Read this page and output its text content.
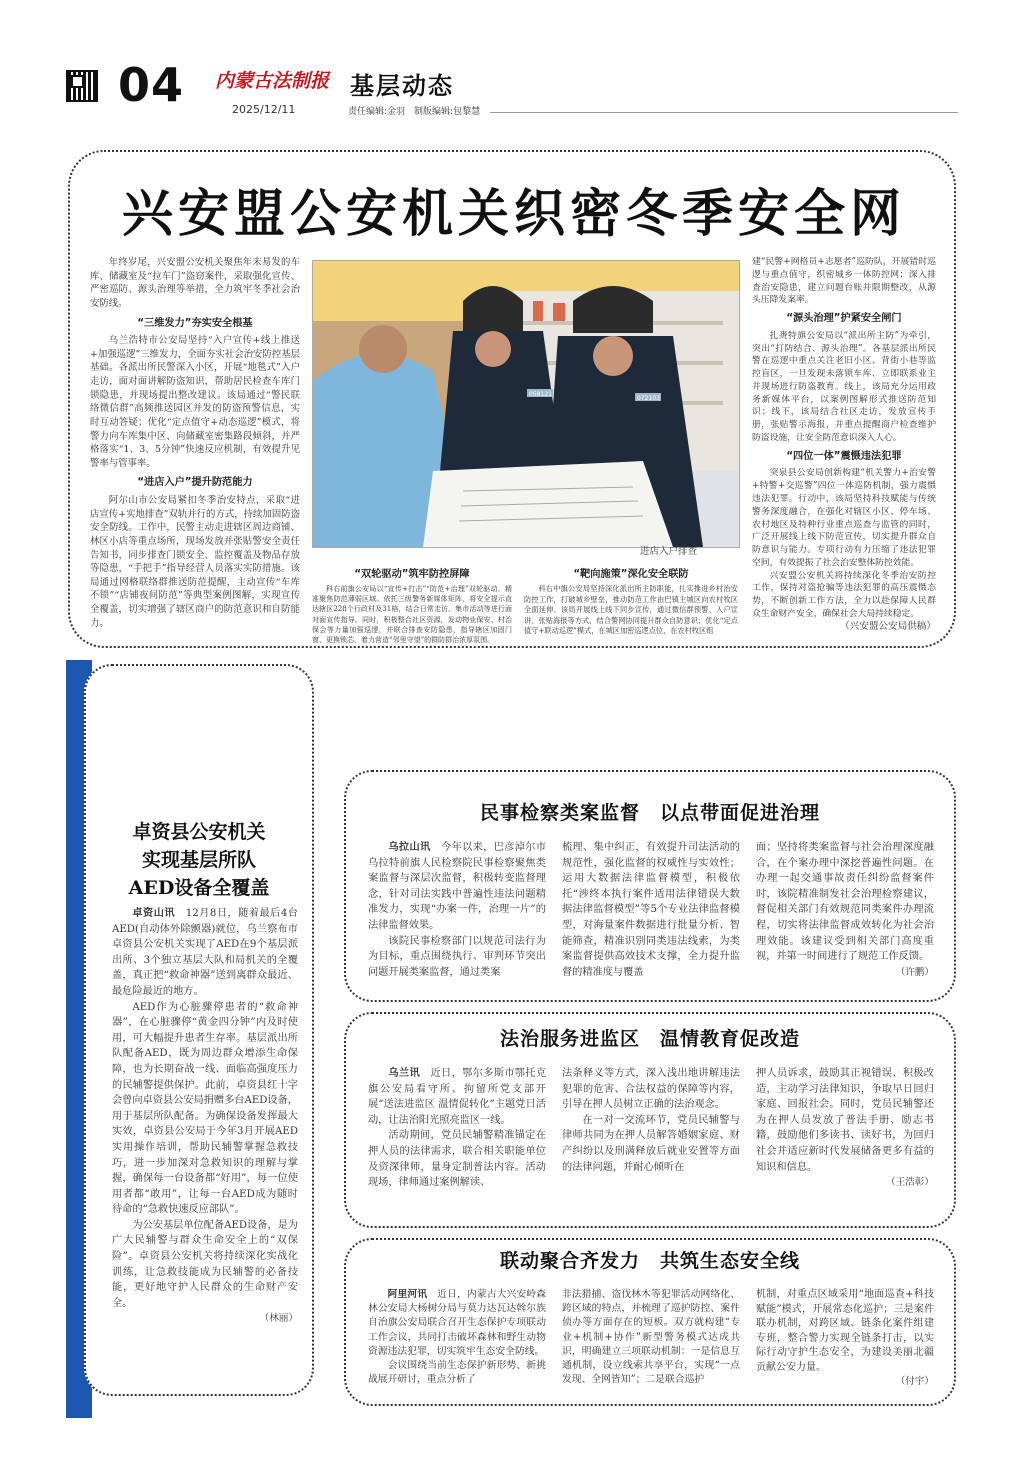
04 内蒙古法制报
2025/12/11
基层动态
责任编辑:金羽　制版编辑:包黎慧
兴安盟公安机关织密冬季安全网

年终岁尾，兴安盟公安机关聚焦年末易发的车库、储藏室及“拉车门”盗窃案件，采取强化宣传、严密巡防、源头治理等举措，全力筑牢冬季社会治安防线。

“三维发力”夯实安全根基

乌兰浩特市公安局坚持“入户宣传+线上推送+加强巡逻”三维发力，全面夯实社会治安防控基层基础。各派出所民警深入小区，开展“地毯式”入户走访，面对面讲解防盗知识，帮助居民检查车库门锁隐患，并现场提出整改建议。该局通过“警民联络微信群”高频推送园区并发的防盗预警信息，实时互动答疑；优化“定点值守+动态巡逻”模式，将警力向车库集中区、向储藏室密集路段倾斜，并严格落实“1、3、5分钟”快速反应机制，有效提升见警率与管事率。

“进店入户”提升防范能力

阿尔山市公安局紧扣冬季治安特点，采取“进店宣传+实地排查”双轨并行的方式，持续加固防盗安全防线。工作中，民警主动走进辖区周边商铺、林区小店等重点场所，现场发放并张贴警安全责任告知书，同步排查门锁安全、监控覆盖及物品存放等隐患，“手把手”指导经营人员落实实防措施。该局通过网格联络群推送防范提醒，主动宣传“车库不锁”“店铺夜间防范”等典型案例图解，实现宣传全覆盖，切实增强了辖区商户的防范意识和自防能力。

058121
072103
进店入户排查
“双轮驱动”筑牢防控屏障

科右前旗公安局以“宣传+打击”“防范+治理”双轮驱动，精准聚焦防范薄弱区域。依托三级警务新媒体矩阵，将安全提示直达辖区228个行政村及31格，结合日常走访、集市活动等进行面对面宣传指导。同时，积极整合社区资源，发动物业保安、村治保会等力量加强巡逻，并联合排查安防隐患，指导辖区加固门窗、更换锁芯，着力营造“邻里守望”的群防群治浓厚氛围。

“靶向施策”深化安全联防

科右中旗公安局坚持深化派出所主防职能，扎实推进乡村治安防控工作，打破城乡壁垒，推动防范工作由巴镇主城区向农村牧区全面延伸。该局开展线上线下同步宣传，通过微信群预警、入户宣讲、张贴海报等方式，结合警网协同提升群众自防意识；优化“定点值守+联动巡逻”模式，在城区加密巡逻点位，在农村牧区组

建“民警+网格员+志愿者”巡防队，开展错时巡逻与重点值守，织密城乡一体防控网；深入排查治安隐患，建立问题台账并限期整改，从源头压降发案率。

“源头治理”护紧安全闸门

扎赉特旗公安局以“派出所主防”为牵引，突出“打防结合、源头治理”。各基层派出所民警在巡逻中重点关注老旧小区、背街小巷等监控盲区，一旦发现未落锁车库、立即联系业主并现场进行防盗教育。线上，该局充分运用政务新媒体平台，以案例图解形式推送防范知识；线下，该局结合社区走访，发放宣传手册，张贴警示海报，并重点提醒商户检查维护防盗设施，让安全防范意识深入人心。

“四位一体”震慑违法犯罪

突泉县公安局创新构建“机关警力+治安警+特警+交巡警”四位一体巡防机制，强力震慑违法犯罪。行动中，该局坚持科技赋能与传统警务深度融合，在强化对辖区小区、停车场、农村地区及特种行业重点巡查与监管的同时，广泛开展线上线下防范宣传，切实提升群众自防意识与能力。专项行动有力压缩了违法犯罪空间，有效提振了社会治安整体防控效能。

兴安盟公安机关将持续深化冬季治安防控工作，保持对盗抢骗等违法犯罪的高压震慑态势，不断创新工作方法，全力以赴保障人民群众生命财产安全，确保社会大局持续稳定。

（兴安盟公安局供稿）
卓资县公安机关
实现基层所队
AED设备全覆盖

卓资山讯　 12月8日，随着最后4台AED(自动体外除颤器)就位，乌兰察布市卓资县公安机关实现了AED在9个基层派出所、3个独立基层大队和局机关的全覆盖，真正把“救命神器”送到离群众最近、最危险最近的地方。

AED作为心脏骤停患者的“救命神器”，在心脏骤停“黄金四分钟”内及时使用，可大幅提升患者生存率。基层派出所队配备AED，既为周边群众增添生命保障，也为长期奋战一线、面临高强度压力的民辅警提供保护。此前，卓资县红十字会曾向卓资县公安局捐赠多台AED设备，用于基层所队配备。为确保设备发挥最大实效，卓资县公安局于今年3月开展AED实用操作培训，帮助民辅警掌握急救技巧，进一步加深对急救知识的理解与掌握，确保每一台设备都“好用”，每一位使用者都“敢用”，让每一台AED成为随时待命的“急救快速反应部队”。

为公安基层单位配备AED设备，是为广大民辅警与群众生命安全上的“双保险”。卓资县公安机关将持续深化实战化训练，让急救技能成为民辅警的必备技能，更好地守护人民群众的生命财产安全。

（林丽）
民事检察类案监督　以点带面促进治理

乌拉山讯　 今年以来，巴彦淖尔市乌拉特前旗人民检察院民事检察聚焦类案监督与深层次监督，积极转变监督理念，针对司法实践中普遍性违法问题精准发力，实现“办案一件，治理一片”的法律监督效果。

该院民事检察部门以规范司法行为为目标，重点围绕执行、审判环节突出问题开展类案监督，通过类案

梳理、集中纠正，有效提升司法活动的规范性，强化监督的权威性与实效性；运用大数据法律监督模型，积极依托“涉终本执行案件适用法律错误大数据法律监督模型”等5个专业法律监督模型，对海量案件数据进行批量分析、智能筛查，精准识别同类违法线索，为类案监督提供高效技术支撑，全力提升监督的精准度与覆盖

面；坚持将类案监督与社会治理深度融合，在个案办理中深挖普遍性问题。在办理一起交通事故责任纠纷监督案件时，该院精准制发社会治理检察建议，督促相关部门有效规范同类案件办理流程，切实将法律监督成效转化为社会治理效能。该建议受到相关部门高度重视，并第一时间进行了规范工作反馈。

（许鹏）
法治服务进监区　温情教育促改造

乌兰讯　 近日，鄂尔多斯市鄂托克旗公安局看守所、拘留所党支部开展“送法进监区 温情促转化”主题党日活动，让法治阳光照亮监区一线。

活动期间，党员民辅警精准锚定在押人员的法律需求，联合相关职能单位及资深律师，量身定制普法内容。活动现场，律师通过案例解读、

法条释义等方式，深入浅出地讲解违法犯罪的危害、合法权益的保障等内容，引导在押人员树立正确的法治观念。

在一对一交流环节，党员民辅警与律师共同为在押人员解答婚姻家庭、财产纠纷以及刑满释放后就业安置等方面的法律问题，并耐心倾听在

押人员诉求，鼓励其正视错误、积极改造，主动学习法律知识，争取早日回归家庭、回报社会。同时，党员民辅警还为在押人员发放了普法手册、励志书籍，鼓励他们多读书、读好书，为回归社会并适应新时代发展储备更多有益的知识和信息。

（王浩彰）
联动聚合齐发力　共筑生态安全线

阿里河讯　 近日，内蒙古大兴安岭森林公安局大杨树分局与莫力达瓦达斡尔族自治旗公安局联合召开生态保护专项联动工作会议，共同打击破坏森林和野生动物资源违法犯罪，切实筑牢生态安全防线。

会议围绕当前生态保护新形势、新挑战展开研讨，重点分析了

非法猎捕、盗伐林木等犯罪活动网络化、跨区域的特点，并梳理了巡护防控、案件侦办等方面存在的短板。双方就构建“专业+机制+协作”新型警务模式达成共识，明确建立三项联动机制：一是信息互通机制，设立线索共享平台，实现“一点发现、全网皆知”；二是联合巡护

机制，对重点区域采用“地面巡查+科技赋能”模式，开展常态化巡护；三是案件联办机制，对跨区域、链条化案件组建专班，整合警力实现全链条打击，以实际行动守护生态安全，为建设美丽北疆贡献公安力量。

（付宇）
